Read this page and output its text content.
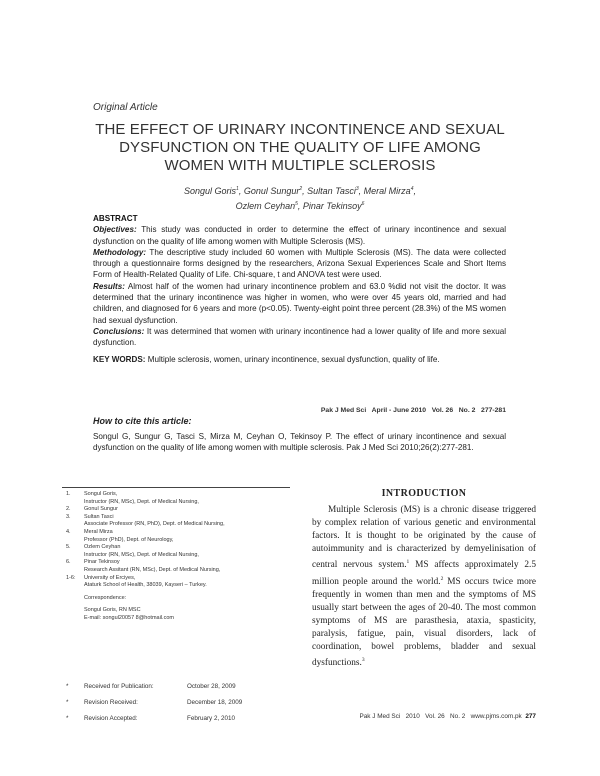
Original Article
THE EFFECT OF URINARY INCONTINENCE AND SEXUAL DYSFUNCTION ON THE QUALITY OF LIFE AMONG WOMEN WITH MULTIPLE SCLEROSIS
Songul Goris$^1$, Gonul Sungur$^2$, Sultan Tasci$^3$, Meral Mirza$^4$,
Ozlem Ceyhan$^5$, Pinar Tekinsoy$^6$

ABSTRACT

Objectives: This study was conducted in order to determine the effect of urinary incontinence and sexual dysfunction on the quality of life among women with Multiple Sclerosis (MS).

Methodology: The descriptive study included 60 women with Multiple Sclerosis (MS). The data were collected through a questionnaire forms designed by the researchers, Arizona Sexual Experiences Scale and Short Items Form of Health-Related Quality of Life. Chi-square, t and ANOVA test were used.

Results: Almost half of the women had urinary incontinence problem and 63.0 %did not visit the doctor. It was determined that the urinary incontinence was higher in women, who were over 45 years old, married and had children, and diagnosed for 6 years and more (p<0.05). Twenty-eight point three percent (28.3%) of the MS women had sexual dysfunction.

Conclusions: It was determined that women with urinary incontinence had a lower quality of life and more sexual dysfunction.

KEY WORDS: Multiple sclerosis, women, urinary incontinence, sexual dysfunction, quality of life.

Pak J Med Sci   April - June 2010   Vol. 26   No. 2   277-281
How to cite this article:
Songul G, Sungur G, Tasci S, Mirza M, Ceyhan O, Tekinsoy P. The effect of urinary incontinence and sexual dysfunction on the quality of life among women with multiple sclerosis. Pak J Med Sci 2010;26(2):277-281.
1. Songul Goris,
Instructor (RN, MSc), Dept. of Medical Nursing,
2. Gonul Sungur
3. Sultan Tasci
Associate Professor (RN, PhD), Dept. of Medical Nursing,
4. Meral Mirza
Professor (PhD), Dept. of Neurology,
5. Ozlem Ceyhan
Instructor (RN, MSc), Dept. of Medical Nursing,
6. Pinar Tekinsoy
Research Assitant (RN, MSc), Dept. of Medical Nursing,
1-6: University of Erciyes,
Ataturk School of Health, 38039, Kayseri – Turkey.
Correspondence:
Songul Goris, RN MSC
E-mail: songul20057 8@hotmail.com
* Received for Publication:	October 28, 2009
* Revision Received:	December 18, 2009
* Revision Accepted:	February 2, 2010
INTRODUCTION
Multiple Sclerosis (MS) is a chronic disease triggered by complex relation of various genetic and environmental factors. It is thought to be originated by the cause of autoimmunity and is characterized by demyelinisation of central nervous system.$^1$ MS affects approximately 2.5 million people around the world.$^2$ MS occurs twice more frequently in women than men and the symptoms of MS usually start between the ages of 20-40. The most common symptoms of MS are parasthesia, ataxia, spasticity, paralysis, fatigue, pain, visual disorders, lack of coordination, bowel problems, bladder and sexual dysfunctions.$^3$
Pak J Med Sci   2010   Vol. 26   No. 2   www.pjms.com.pk 277
